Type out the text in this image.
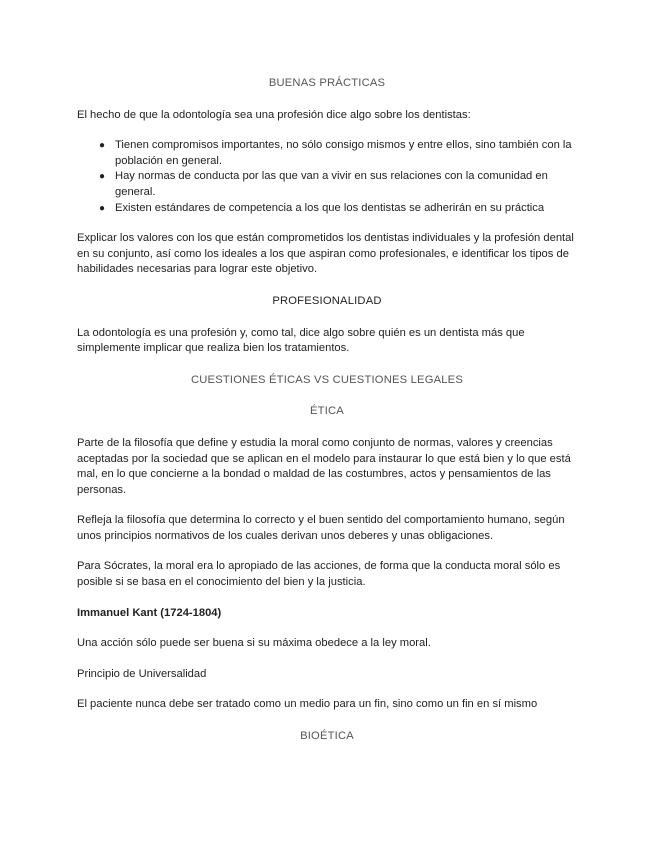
BUENAS PRÁCTICAS

El hecho de que la odontología sea una profesión dice algo sobre los dentistas:

● Tienen compromisos importantes, no sólo consigo mismos y entre ellos, sino también con la población en general.
● Hay normas de conducta por las que van a vivir en sus relaciones con la comunidad en general.
● Existen estándares de competencia a los que los dentistas se adherirán en su práctica

Explicar los valores con los que están comprometidos los dentistas individuales y la profesión dental en su conjunto, así como los ideales a los que aspiran como profesionales, e identificar los tipos de habilidades necesarias para lograr este objetivo.

PROFESIONALIDAD

La odontología es una profesión y, como tal, dice algo sobre quién es un dentista más que simplemente implicar que realiza bien los tratamientos.

CUESTIONES ÉTICAS VS CUESTIONES LEGALES

ÉTICA

Parte de la filosofía que define y estudia la moral como conjunto de normas, valores y creencias aceptadas por la sociedad que se aplican en el modelo para instaurar lo que está bien y lo que está mal, en lo que concierne a la bondad o maldad de las costumbres, actos y pensamientos de las personas.

Refleja la filosofía que determina lo correcto y el buen sentido del comportamiento humano, según unos principios normativos de los cuales derivan unos deberes y unas obligaciones.

Para Sócrates, la moral era lo apropiado de las acciones, de forma que la conducta moral sólo es posible si se basa en el conocimiento del bien y la justicia.

Immanuel Kant (1724-1804)

Una acción sólo puede ser buena si su máxima obedece a la ley moral.

Principio de Universalidad

El paciente nunca debe ser tratado como un medio para un fin, sino como un fin en sí mismo

BIOÉTICA
